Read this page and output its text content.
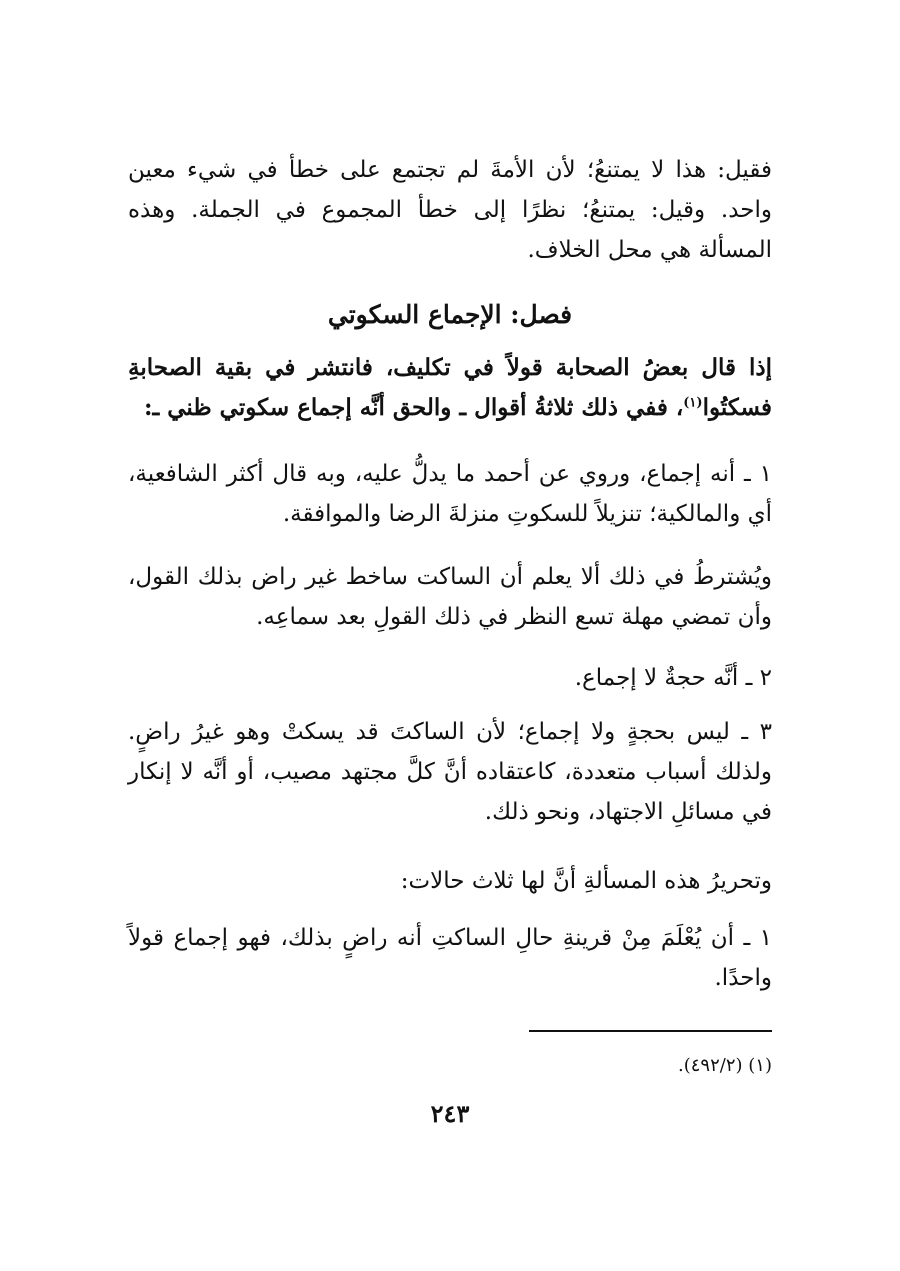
فقيل: هذا لا يمتنعُ؛ لأن الأمةَ لم تجتمع على خطأ في شيء معين واحد. وقيل: يمتنعُ؛ نظرًا إلى خطأ المجموع في الجملة. وهذه المسألة هي محل الخلاف.

فصل: الإجماع السكوتي

إذا قال بعضُ الصحابة قولاً في تكليف، فانتشر في بقية الصحابةِ فسكتُوا$^{(١)}$، ففي ذلك ثلاثةُ أقوال ـ والحق أنَّه إجماع سكوتي ظني ـ:

١ ـ أنه إجماع، وروي عن أحمد ما يدلُّ عليه، وبه قال أكثر الشافعية، أي والمالكية؛ تنزيلاً للسكوتِ منزلةَ الرضا والموافقة.

ويُشترطُ في ذلك ألا يعلم أن الساكت ساخط غير راض بذلك القول، وأن تمضي مهلة تسع النظر في ذلك القولِ بعد سماعِه.

٢ ـ أنَّه حجةٌ لا إجماع.

٣ ـ ليس بحجةٍ ولا إجماع؛ لأن الساكتَ قد يسكتْ وهو غيرُ راضٍ. ولذلك أسباب متعددة، كاعتقاده أنَّ كلَّ مجتهد مصيب، أو أنَّه لا إنكار في مسائلِ الاجتهاد، ونحو ذلك.

وتحريرُ هذه المسألةِ أنَّ لها ثلاث حالات:

١ ـ أن يُعْلَمَ مِنْ قرينةِ حالِ الساكتِ أنه راضٍ بذلك، فهو إجماع قولاً واحدًا.

(١) (٤٩٢/٢).

٢٤٣
